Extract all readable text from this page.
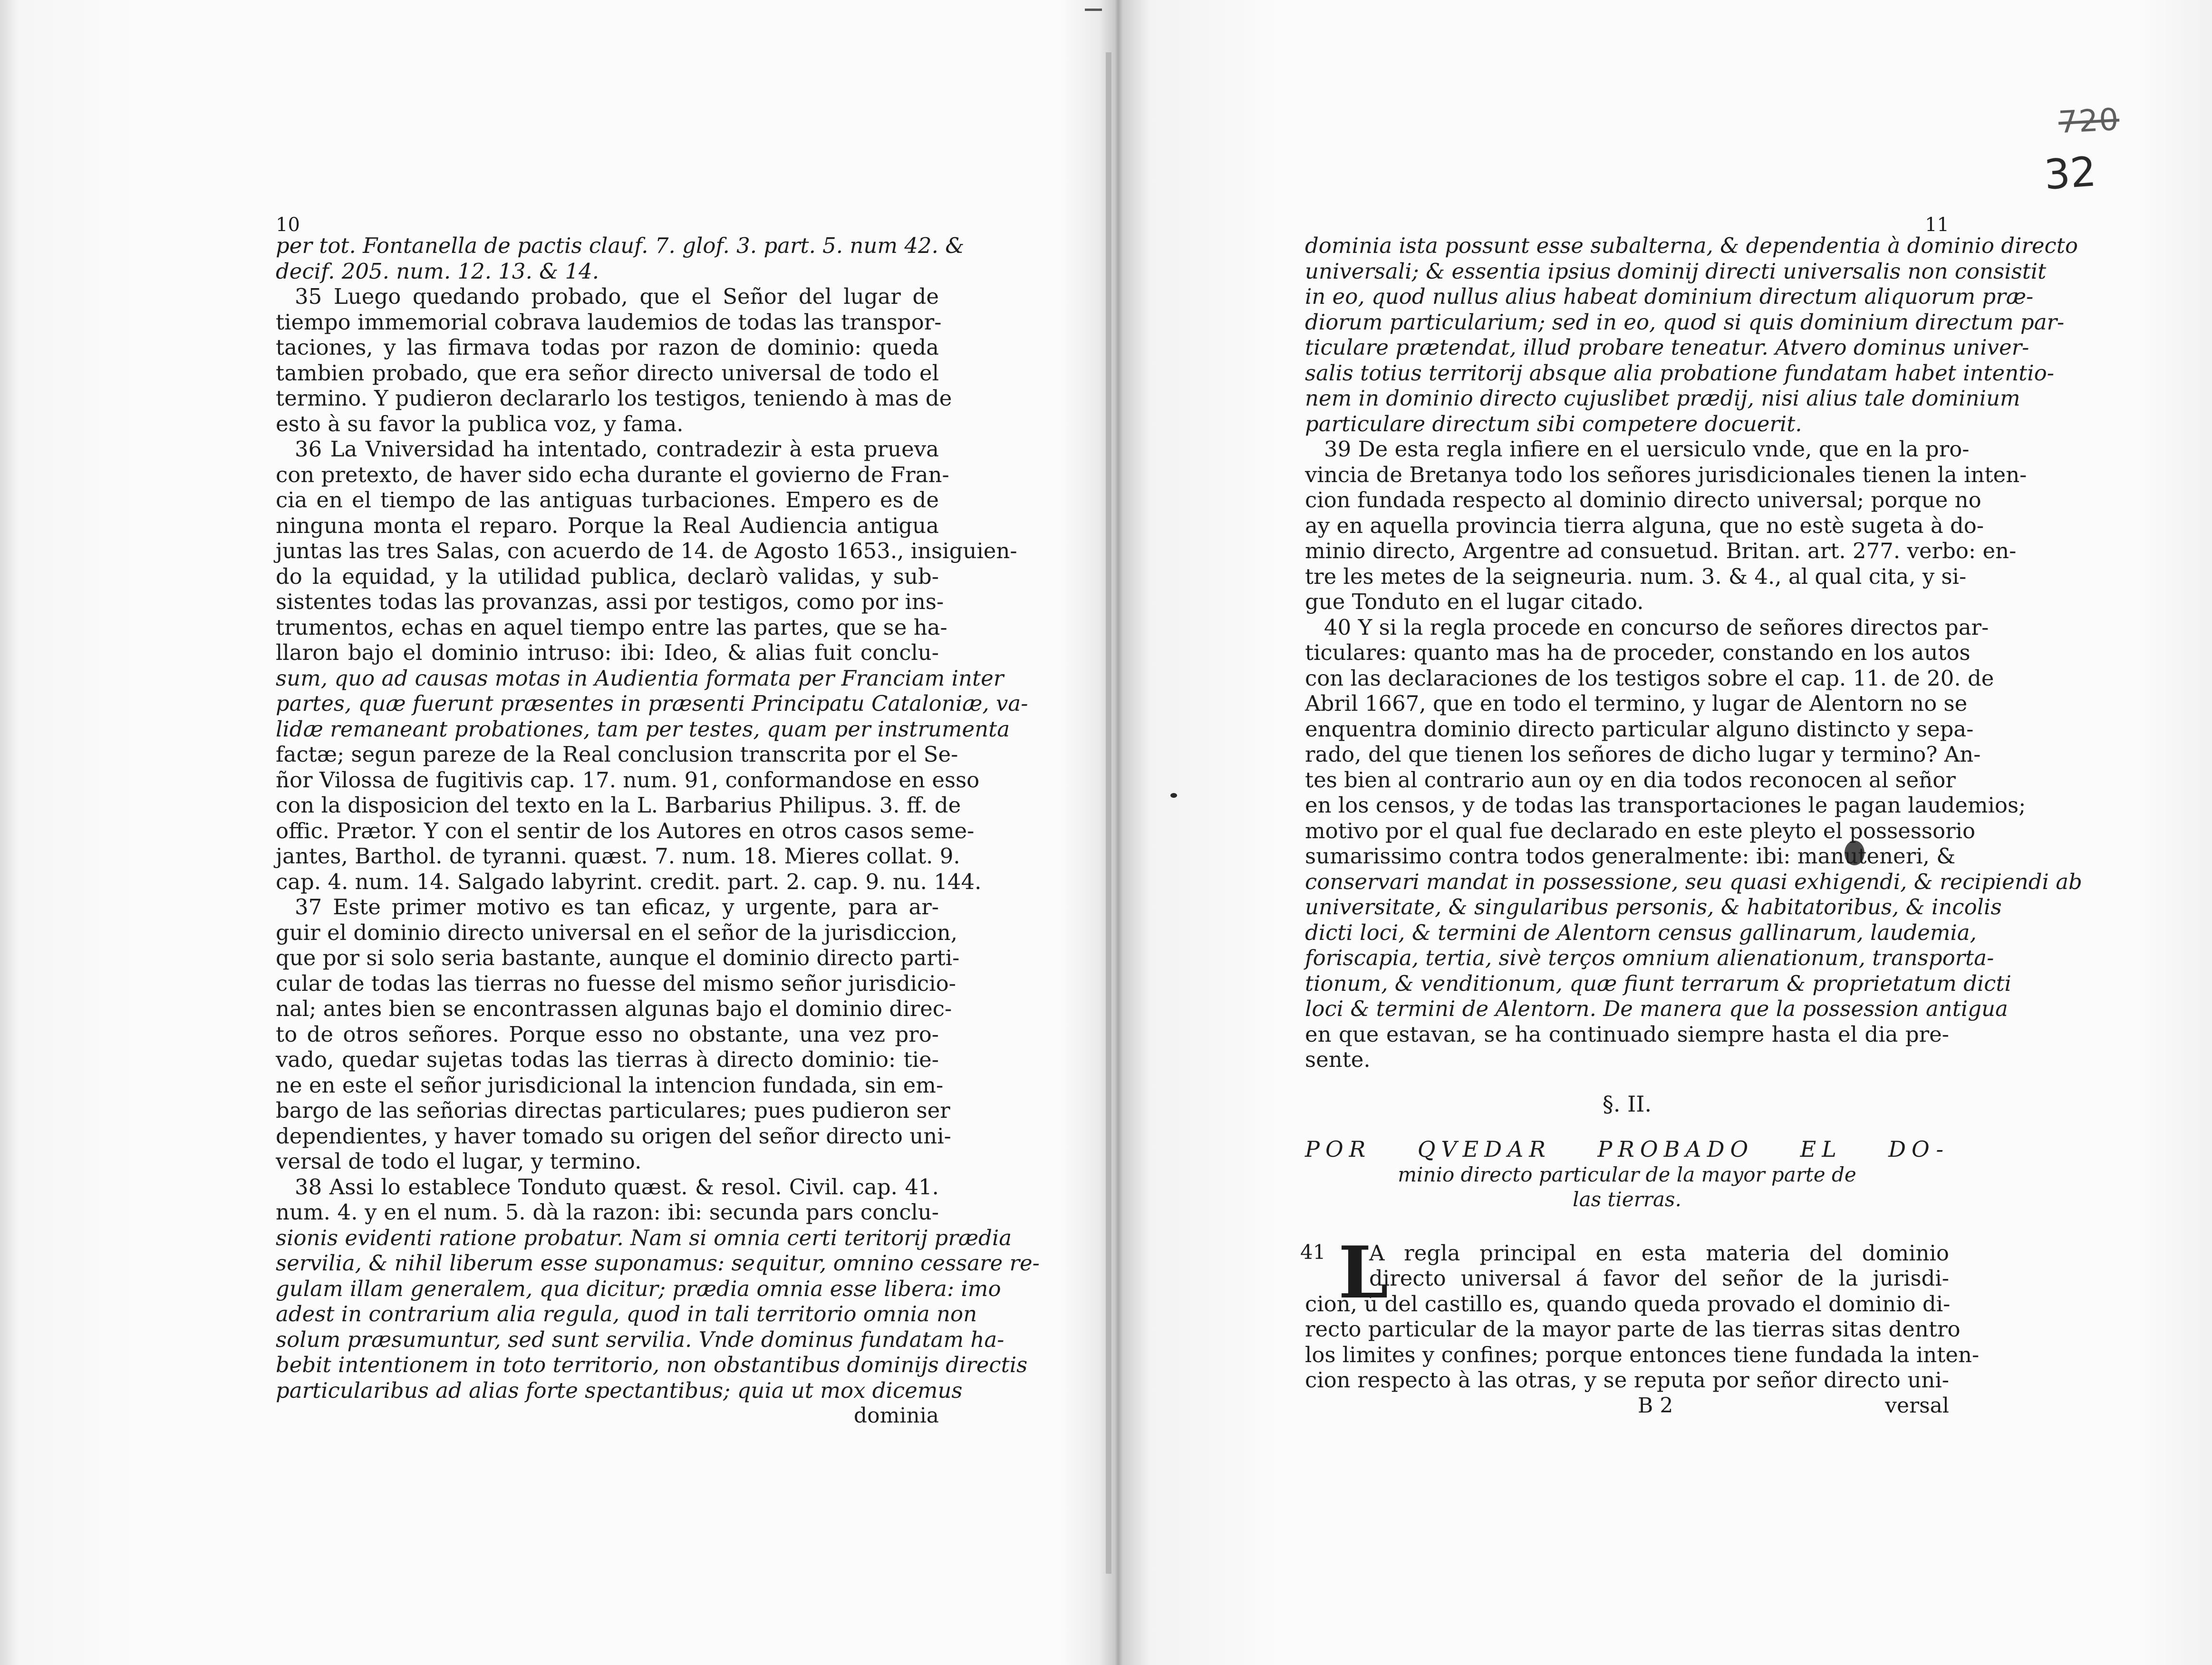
720
32
10
per tot. Fontanella de pactis clauf. 7. glof. 3. part. 5. num 42. &
decif. 205. num. 12. 13. & 14.
35 Luego quedando probado, que el Señor del lugar de
tiempo immemorial cobrava laudemios de todas las transpor-
taciones, y las firmava todas por razon de dominio: queda
tambien probado, que era señor directo universal de todo el
termino. Y pudieron declararlo los testigos, teniendo à mas de
esto à su favor la publica voz, y fama.
36 La Vniversidad ha intentado, contradezir à esta prueva
con pretexto, de haver sido echa durante el govierno de Fran-
cia en el tiempo de las antiguas turbaciones. Empero es de
ninguna monta el reparo. Porque la Real Audiencia antigua
juntas las tres Salas, con acuerdo de 14. de Agosto 1653., insiguien-
do la equidad, y la utilidad publica, declarò validas, y sub-
sistentes todas las provanzas, assi por testigos, como por ins-
trumentos, echas en aquel tiempo entre las partes, que se ha-
llaron bajo el dominio intruso: ibi: Ideo, & alias fuit conclu-
sum, quo ad causas motas in Audientia formata per Franciam inter
partes, quæ fuerunt præsentes in præsenti Principatu Cataloniæ, va-
lidæ remaneant probationes, tam per testes, quam per instrumenta
factæ; segun pareze de la Real conclusion transcrita por el Se-
ñor Vilossa de fugitivis cap. 17. num. 91, conformandose en esso
con la disposicion del texto en la L. Barbarius Philipus. 3. ff. de
offic. Prætor. Y con el sentir de los Autores en otros casos seme-
jantes, Barthol. de tyranni. quæst. 7. num. 18. Mieres collat. 9.
cap. 4. num. 14. Salgado labyrint. credit. part. 2. cap. 9. nu. 144.
37 Este primer motivo es tan eficaz, y urgente, para ar-
guir el dominio directo universal en el señor de la jurisdiccion,
que por si solo seria bastante, aunque el dominio directo parti-
cular de todas las tierras no fuesse del mismo señor jurisdicio-
nal; antes bien se encontrassen algunas bajo el dominio direc-
to de otros señores. Porque esso no obstante, una vez pro-
vado, quedar sujetas todas las tierras à directo dominio: tie-
ne en este el señor jurisdicional la intencion fundada, sin em-
bargo de las señorias directas particulares; pues pudieron ser
dependientes, y haver tomado su origen del señor directo uni-
versal de todo el lugar, y termino.
38 Assi lo establece Tonduto quæst. & resol. Civil. cap. 41.
num. 4. y en el num. 5. dà la razon: ibi: secunda pars conclu-
sionis evidenti ratione probatur. Nam si omnia certi teritorij prædia
servilia, & nihil liberum esse suponamus: sequitur, omnino cessare re-
gulam illam generalem, qua dicitur; prædia omnia esse libera: imo
adest in contrarium alia regula, quod in tali territorio omnia non
solum præsumuntur, sed sunt servilia. Vnde dominus fundatam ha-
bebit intentionem in toto territorio, non obstantibus dominijs directis
particularibus ad alias forte spectantibus; quia ut mox dicemus
dominia
11
dominia ista possunt esse subalterna, & dependentia à dominio directo
universali; & essentia ipsius dominij directi universalis non consistit
in eo, quod nullus alius habeat dominium directum aliquorum præ-
diorum particularium; sed in eo, quod si quis dominium directum par-
ticulare prætendat, illud probare teneatur. Atvero dominus univer-
salis totius territorij absque alia probatione fundatam habet intentio-
nem in dominio directo cujuslibet prædij, nisi alius tale dominium
particulare directum sibi competere docuerit.
39 De esta regla infiere en el uersiculo vnde, que en la pro-
vincia de Bretanya todo los señores jurisdicionales tienen la inten-
cion fundada respecto al dominio directo universal; porque no
ay en aquella provincia tierra alguna, que no estè sugeta à do-
minio directo, Argentre ad consuetud. Britan. art. 277. verbo: en-
tre les metes de la seigneuria. num. 3. & 4., al qual cita, y si-
gue Tonduto en el lugar citado.
40 Y si la regla procede en concurso de señores directos par-
ticulares: quanto mas ha de proceder, constando en los autos
con las declaraciones de los testigos sobre el cap. 11. de 20. de
Abril 1667, que en todo el termino, y lugar de Alentorn no se
enquentra dominio directo particular alguno distincto y sepa-
rado, del que tienen los señores de dicho lugar y termino? An-
tes bien al contrario aun oy en dia todos reconocen al señor
en los censos, y de todas las transportaciones le pagan laudemios;
motivo por el qual fue declarado en este pleyto el possessorio
sumarissimo contra todos generalmente: ibi: manuteneri, &
conservari mandat in possessione, seu quasi exhigendi, & recipiendi ab
universitate, & singularibus personis, & habitatoribus, & incolis
dicti loci, & termini de Alentorn census gallinarum, laudemia,
foriscapia, tertia, sivè terços omnium alienationum, transporta-
tionum, & venditionum, quæ fiunt terrarum & proprietatum dicti
loci & termini de Alentorn. De manera que la possession antigua
en que estavan, se ha continuado siempre hasta el dia pre-
sente.
§. II.
POR QVEDAR PROBADO EL DO-
minio directo particular de la mayor parte de
las tierras.
41 L
A regla principal en esta materia del dominio
directo universal á favor del señor de la jurisdi-
cion, ù del castillo es, quando queda provado el dominio di-
recto particular de la mayor parte de las tierras sitas dentro
los limites y confines; porque entonces tiene fundada la inten-
cion respecto à las otras, y se reputa por señor directo uni-
B 2	versal
